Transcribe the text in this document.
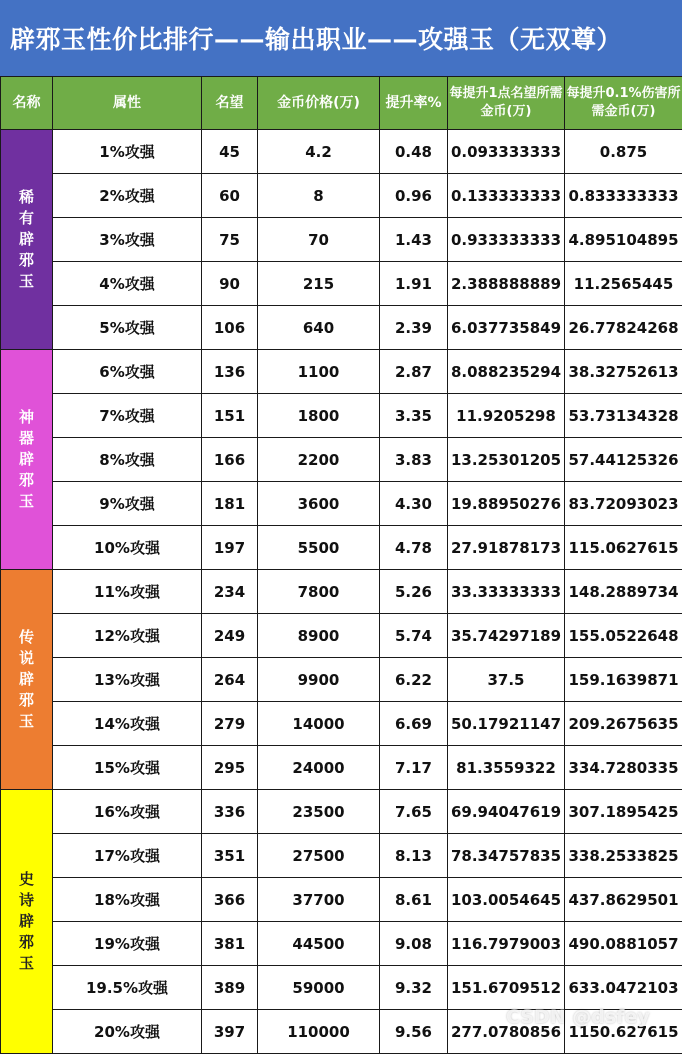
辟邪玉性价比排行——输出职业——攻强玉（无双尊）
名称	属性	名望	金币价格(万)	提升率%	每提升1点名望所需金币(万)	每提升0.1%伤害所需金币(万)

稀有辟邪玉	1%攻强	45	4.2	0.48	0.093333333	0.875
	2%攻强	60	8	0.96	0.133333333	0.833333333
	3%攻强	75	70	1.43	0.933333333	4.895104895
	4%攻强	90	215	1.91	2.388888889	11.2565445
	5%攻强	106	640	2.39	6.037735849	26.77824268

神器辟邪玉	6%攻强	136	1100	2.87	8.088235294	38.32752613
	7%攻强	151	1800	3.35	11.9205298	53.73134328
	8%攻强	166	2200	3.83	13.25301205	57.44125326
	9%攻强	181	3600	4.30	19.88950276	83.72093023
	10%攻强	197	5500	4.78	27.91878173	115.0627615

传说辟邪玉	11%攻强	234	7800	5.26	33.33333333	148.2889734
	12%攻强	249	8900	5.74	35.74297189	155.0522648
	13%攻强	264	9900	6.22	37.5	159.1639871
	14%攻强	279	14000	6.69	50.17921147	209.2675635
	15%攻强	295	24000	7.17	81.3559322	334.7280335

史诗辟邪玉	16%攻强	336	23500	7.65	69.94047619	307.1895425
	17%攻强	351	27500	8.13	78.34757835	338.2533825
	18%攻强	366	37700	8.61	103.0054645	437.8629501
	19%攻强	381	44500	9.08	116.7979003	490.0881057
	19.5%攻强	389	59000	9.32	151.6709512	633.0472103
	20%攻强	397	110000	9.56	277.0780856	1150.627615
CSDN @dsfey
